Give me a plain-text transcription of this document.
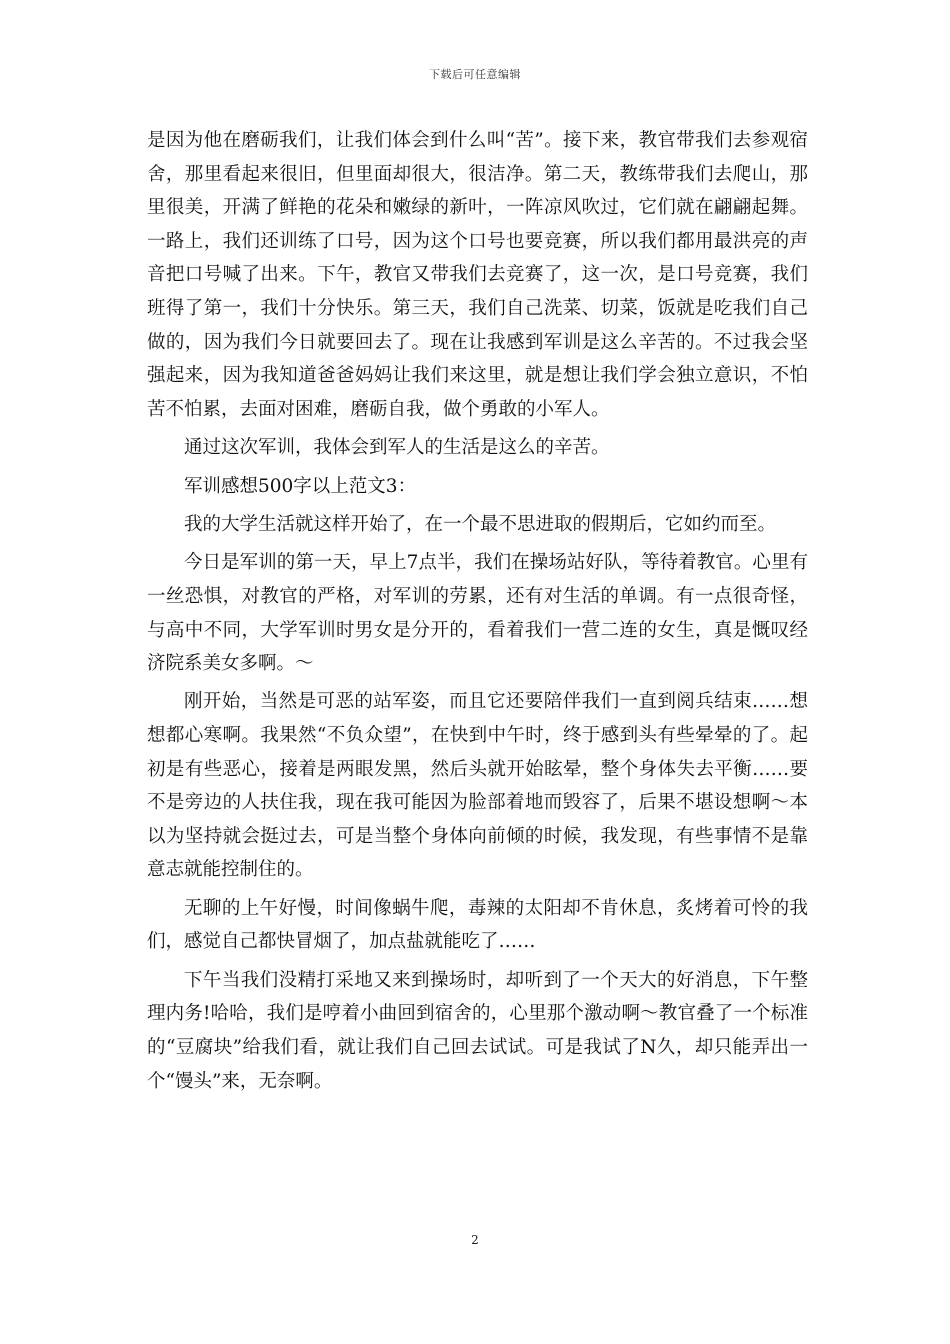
下载后可任意编辑

是因为他在磨砺我们，让我们体会到什么叫“苦”。接下来，教官带我们去参观宿舍，那里看起来很旧，但里面却很大，很洁净。第二天，教练带我们去爬山，那里很美，开满了鲜艳的花朵和嫩绿的新叶，一阵凉风吹过，它们就在翩翩起舞。一路上，我们还训练了口号，因为这个口号也要竞赛，所以我们都用最洪亮的声音把口号喊了出来。下午，教官又带我们去竞赛了，这一次，是口号竞赛，我们班得了第一，我们十分快乐。第三天，我们自己洗菜、切菜，饭就是吃我们自己做的，因为我们今日就要回去了。现在让我感到军训是这么辛苦的。不过我会坚强起来，因为我知道爸爸妈妈让我们来这里，就是想让我们学会独立意识，不怕苦不怕累，去面对困难，磨砺自我，做个勇敢的小军人。

通过这次军训，我体会到军人的生活是这么的辛苦。

军训感想500字以上范文3：

我的大学生活就这样开始了，在一个最不思进取的假期后，它如约而至。

今日是军训的第一天，早上7点半，我们在操场站好队，等待着教官。心里有一丝恐惧，对教官的严格，对军训的劳累，还有对生活的单调。有一点很奇怪，与高中不同，大学军训时男女是分开的，看着我们一营二连的女生，真是慨叹经济院系美女多啊。～

刚开始，当然是可恶的站军姿，而且它还要陪伴我们一直到阅兵结束……想想都心寒啊。我果然“不负众望”，在快到中午时，终于感到头有些晕晕的了。起初是有些恶心，接着是两眼发黑，然后头就开始眩晕，整个身体失去平衡……要不是旁边的人扶住我，现在我可能因为脸部着地而毁容了，后果不堪设想啊～本以为坚持就会挺过去，可是当整个身体向前倾的时候，我发现，有些事情不是靠意志就能控制住的。

无聊的上午好慢，时间像蜗牛爬，毒辣的太阳却不肯休息，炙烤着可怜的我们，感觉自己都快冒烟了，加点盐就能吃了……

下午当我们没精打采地又来到操场时，却听到了一个天大的好消息，下午整理内务!哈哈，我们是哼着小曲回到宿舍的，心里那个激动啊～教官叠了一个标准的“豆腐块”给我们看，就让我们自己回去试试。可是我试了N久，却只能弄出一个“馒头”来，无奈啊。

2
